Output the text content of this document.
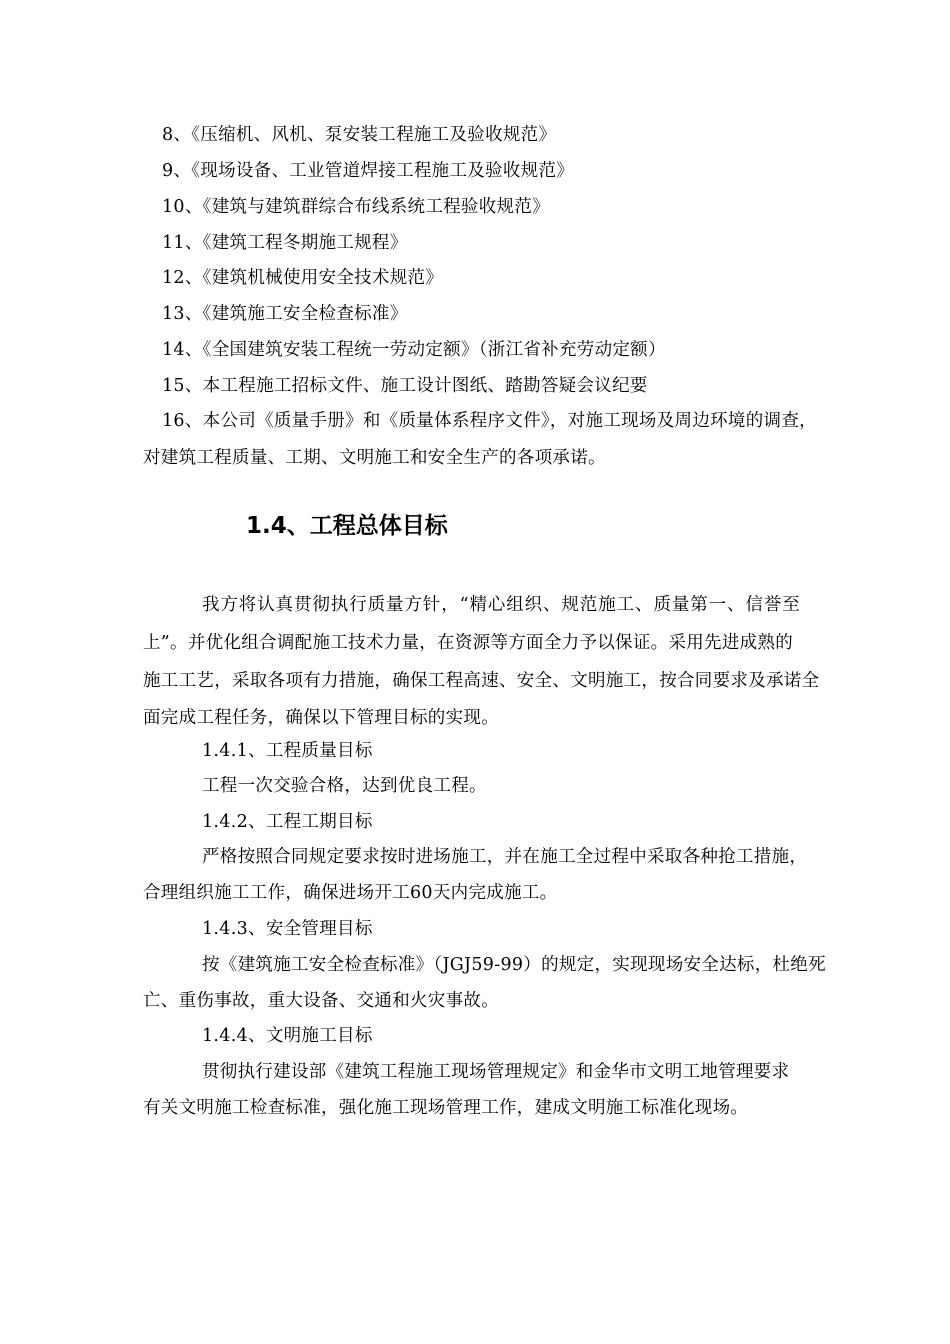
8、《压缩机、风机、泵安装工程施工及验收规范》
9、《现场设备、工业管道焊接工程施工及验收规范》
10、《建筑与建筑群综合布线系统工程验收规范》
11、《建筑工程冬期施工规程》
12、《建筑机械使用安全技术规范》
13、《建筑施工安全检查标准》
14、《全国建筑安装工程统一劳动定额》（浙江省补充劳动定额）
15、本工程施工招标文件、施工设计图纸、踏勘答疑会议纪要
16、本公司《质量手册》和《质量体系程序文件》，对施工现场及周边环境的调查，
对建筑工程质量、工期、文明施工和安全生产的各项承诺。
1.4、工程总体目标
我方将认真贯彻执行质量方针，“精心组织、规范施工、质量第一、信誉至
上”。并优化组合调配施工技术力量，在资源等方面全力予以保证。采用先进成熟的
施工工艺，采取各项有力措施，确保工程高速、安全、文明施工，按合同要求及承诺全
面完成工程任务，确保以下管理目标的实现。
1.4.1、工程质量目标
工程一次交验合格，达到优良工程。
1.4.2、工程工期目标
严格按照合同规定要求按时进场施工，并在施工全过程中采取各种抢工措施，
合理组织施工工作，确保进场开工60天内完成施工。
1.4.3、安全管理目标
按《建筑施工安全检查标准》（JGJ59-99）的规定，实现现场安全达标，杜绝死
亡、重伤事故，重大设备、交通和火灾事故。
1.4.4、文明施工目标
贯彻执行建设部《建筑工程施工现场管理规定》和金华市文明工地管理要求
有关文明施工检查标准，强化施工现场管理工作，建成文明施工标准化现场。
